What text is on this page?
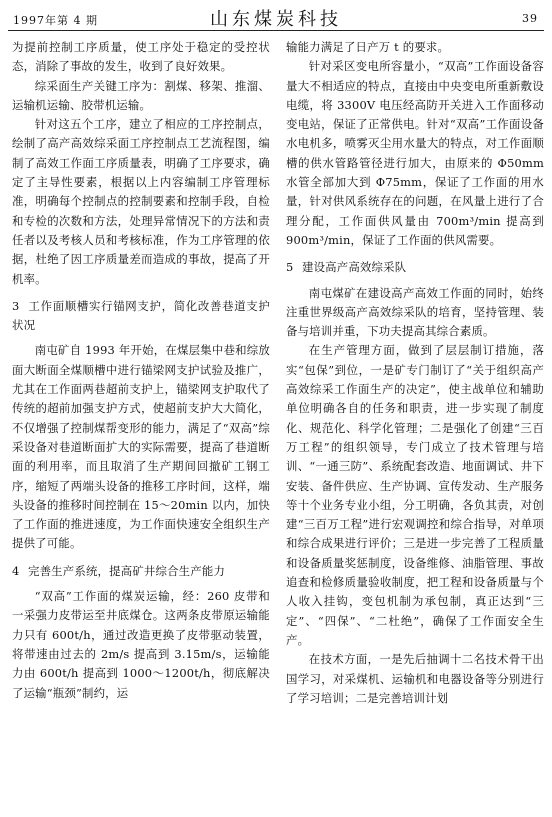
1997年第 4 期	山东煤炭科技	39

为提前控制工序质量，使工序处于稳定的受控状态，消除了事故的发生，收到了良好效果。

综采面生产关键工序为：割煤、移架、推溜、运输机运输、胶带机运输。

针对这五个工序，建立了相应的工序控制点，绘制了高产高效综采面工序控制点工艺流程图，编制了高效工作面工序质量表，明确了工序要求，确定了主导性要素，根据以上内容编制工序管理标准，明确每个控制点的控制要素和控制手段，自检和专检的次数和方法，处理异常情况下的方法和责任者以及考核人员和考核标准，作为工序管理的依据，杜绝了因工序质量差而造成的事故，提高了开机率。

3 工作面顺槽实行锚网支护，简化改善巷道支护状况

南屯矿自 1993 年开始，在煤层集中巷和综放面大断面全煤顺槽中进行锚梁网支护试验及推广，尤其在工作面两巷超前支护上，锚梁网支护取代了传统的超前加强支护方式，使超前支护大大简化，不仅增强了控制煤帮变形的能力，满足了“双高”综采设备对巷道断面扩大的实际需要，提高了巷道断面的利用率，而且取消了生产期间回撤矿工钢工序，缩短了两端头设备的推移工序时间，这样，端头设备的推移时间控制在 15～20min 以内，加快了工作面的推进速度，为工作面快速安全组织生产提供了可能。

4 完善生产系统，提高矿井综合生产能力

“双高”工作面的煤炭运输，经：260 皮带和一采强力皮带运至井底煤仓。这两条皮带原运输能力只有 600t/h，通过改造更换了皮带驱动装置，将带速由过去的 2m/s 提高到 3.15m/s，运输能力由 600t/h 提高到 1000～1200t/h，彻底解决了运输“瓶颈”制约，运

输能力满足了日产万 t 的要求。

针对采区变电所容量小，“双高”工作面设备容量大不相适应的特点，直接由中央变电所重新敷设电缆，将 3300V 电压经高防开关进入工作面移动变电站，保证了正常供电。针对“双高”工作面设备水电机多，喷雾灭尘用水量大的特点，对工作面顺槽的供水管路管径进行加大，由原来的 Φ50mm 水管全部加大到 Φ75mm，保证了工作面的用水量，针对供风系统存在的问题，在风量上进行了合理分配，工作面供风量由 700m³/min 提高到 900m³/min，保证了工作面的供风需要。

5 建设高产高效综采队

南屯煤矿在建设高产高效工作面的同时，始终注重世界级高产高效综采队的培育，坚持管理、装备与培训并重，下功夫提高其综合素质。

在生产管理方面，做到了层层制订措施，落实“包保”到位，一是矿专门制订了“关于组织高产高效综采工作面生产的决定”，使主战单位和辅助单位明确各自的任务和职责，进一步实现了制度化、规范化、科学化管理；二是强化了创建“三百万工程”的组织领导，专门成立了技术管理与培训、“一通三防”、系统配套改造、地面调试、井下安装、备件供应、生产协调、宣传发动、生产服务等十个业务专业小组，分工明确，各负其责，对创建“三百万工程”进行宏观调控和综合指导，对单项和综合成果进行评价；三是进一步完善了工程质量和设备质量奖惩制度，设备维修、油脂管理、事故追查和检修质量验收制度，把工程和设备质量与个人收入挂钩，变包机制为承包制，真正达到“三定”、“四保”、“二杜绝”，确保了工作面安全生产。

在技术方面，一是先后抽调十二名技术骨干出国学习，对采煤机、运输机和电器设备等分别进行了学习培训；二是完善培训计划
